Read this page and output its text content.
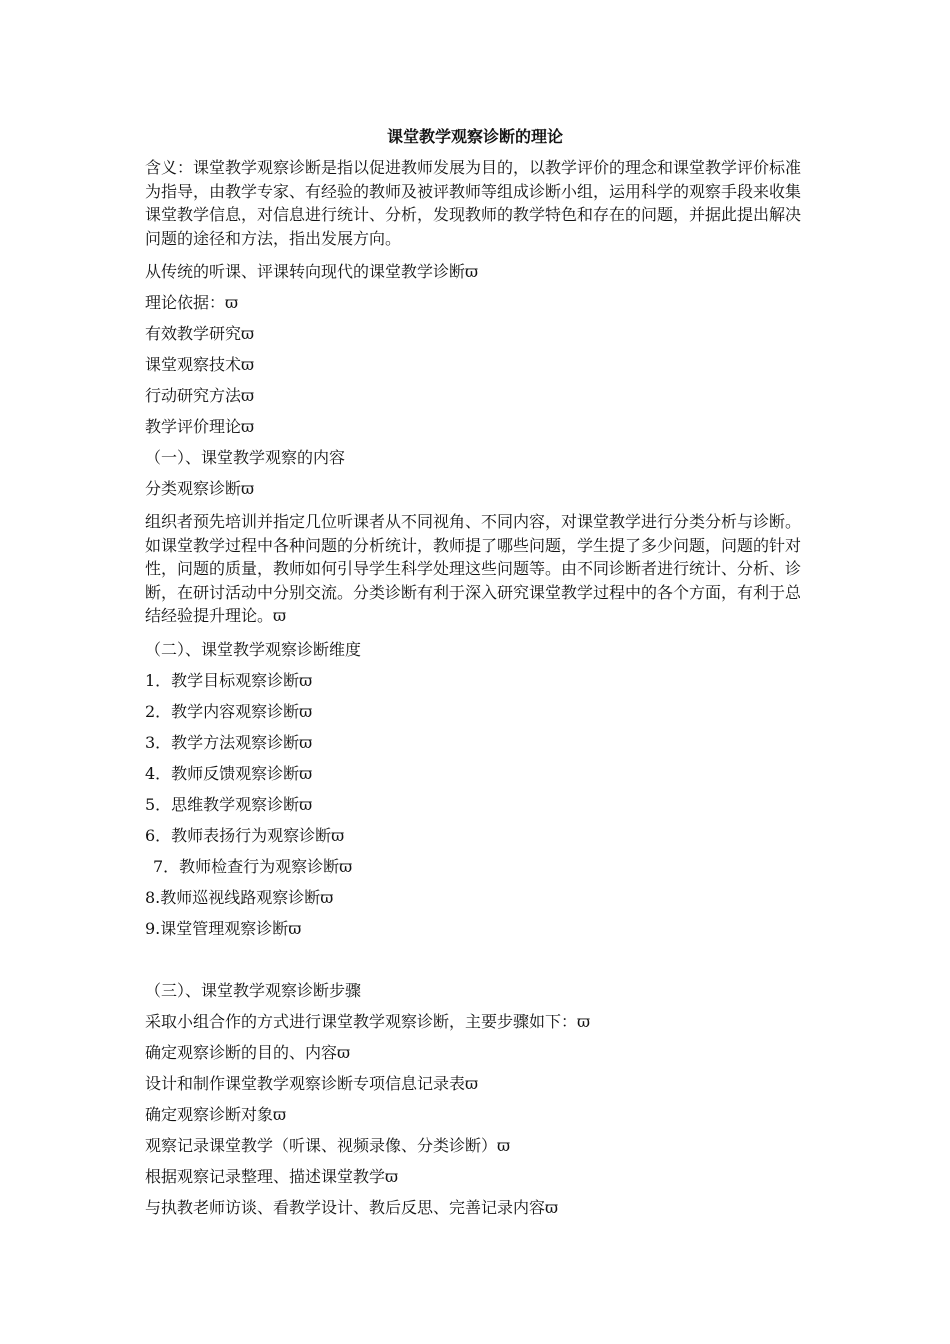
课堂教学观察诊断的理论
含义：课堂教学观察诊断是指以促进教师发展为目的，以教学评价的理念和课堂教学评价标准为指导，由教学专家、有经验的教师及被评教师等组成诊断小组，运用科学的观察手段来收集课堂教学信息，对信息进行统计、分析，发现教师的教学特色和存在的问题，并据此提出解决问题的途径和方法，指出发展方向。
从传统的听课、评课转向现代的课堂教学诊断ϖ
理论依据：ϖ
有效教学研究ϖ
课堂观察技术ϖ
行动研究方法ϖ
教学评价理论ϖ
（一）、课堂教学观察的内容
分类观察诊断ϖ
组织者预先培训并指定几位听课者从不同视角、不同内容，对课堂教学进行分类分析与诊断。如课堂教学过程中各种问题的分析统计，教师提了哪些问题，学生提了多少问题，问题的针对性，问题的质量，教师如何引导学生科学处理这些问题等。由不同诊断者进行统计、分析、诊断，在研讨活动中分别交流。分类诊断有利于深入研究课堂教学过程中的各个方面，有利于总结经验提升理论。ϖ
（二）、课堂教学观察诊断维度
1．教学目标观察诊断ϖ
2．教学内容观察诊断ϖ
3．教学方法观察诊断ϖ
4．教师反馈观察诊断ϖ
5．思维教学观察诊断ϖ
6．教师表扬行为观察诊断ϖ
7．教师检查行为观察诊断ϖ
8.教师巡视线路观察诊断ϖ
9.课堂管理观察诊断ϖ
（三）、课堂教学观察诊断步骤
采取小组合作的方式进行课堂教学观察诊断，主要步骤如下：ϖ
确定观察诊断的目的、内容ϖ
设计和制作课堂教学观察诊断专项信息记录表ϖ
确定观察诊断对象ϖ
观察记录课堂教学（听课、视频录像、分类诊断）ϖ
根据观察记录整理、描述课堂教学ϖ
与执教老师访谈、看教学设计、教后反思、完善记录内容ϖ
